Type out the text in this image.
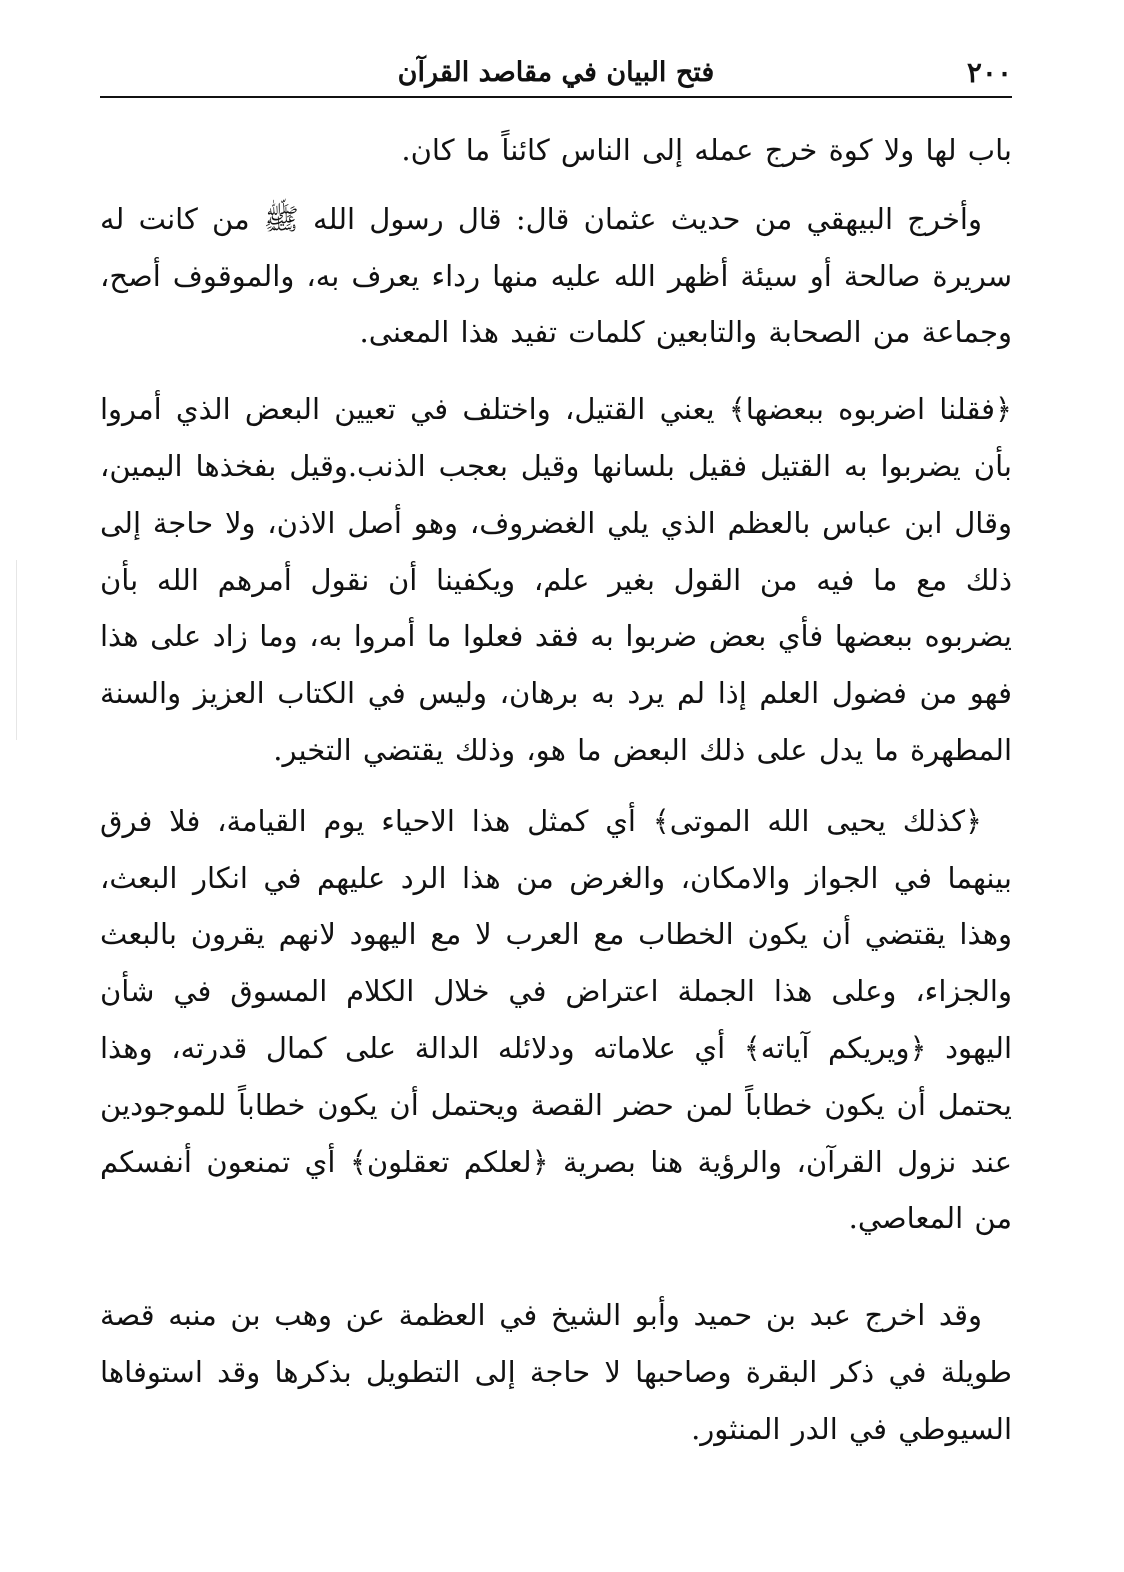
٢٠٠
فتح البيان في مقاصد القرآن

باب لها ولا كوة خرج عمله إلى الناس كائناً ما كان.

وأخرج البيهقي من حديث عثمان قال: قال رسول الله ﷺ من كانت له سريرة صالحة أو سيئة أظهر الله عليه منها رداء يعرف به، والموقوف أصح، وجماعة من الصحابة والتابعين كلمات تفيد هذا المعنى.

﴿فقلنا اضربوه ببعضها﴾ يعني القتيل، واختلف في تعيين البعض الذي أمروا بأن يضربوا به القتيل فقيل بلسانها وقيل بعجب الذنب.وقيل بفخذها اليمين، وقال ابن عباس بالعظم الذي يلي الغضروف، وهو أصل الاذن، ولا حاجة إلى ذلك مع ما فيه من القول بغير علم، ويكفينا أن نقول أمرهم الله بأن يضربوه ببعضها فأي بعض ضربوا به فقد فعلوا ما أمروا به، وما زاد على هذا فهو من فضول العلم إذا لم يرد به برهان، وليس في الكتاب العزيز والسنة المطهرة ما يدل على ذلك البعض ما هو، وذلك يقتضي التخير.

﴿كذلك يحيى الله الموتى﴾ أي كمثل هذا الاحياء يوم القيامة، فلا فرق بينهما في الجواز والامكان، والغرض من هذا الرد عليهم في انكار البعث، وهذا يقتضي أن يكون الخطاب مع العرب لا مع اليهود لانهم يقرون بالبعث والجزاء، وعلى هذا الجملة اعتراض في خلال الكلام المسوق في شأن اليهود ﴿ويريكم آياته﴾ أي علاماته ودلائله الدالة على كمال قدرته، وهذا يحتمل أن يكون خطاباً لمن حضر القصة ويحتمل أن يكون خطاباً للموجودين عند نزول القرآن، والرؤية هنا بصرية ﴿لعلكم تعقلون﴾ أي تمنعون أنفسكم من المعاصي.

وقد اخرج عبد بن حميد وأبو الشيخ في العظمة عن وهب بن منبه قصة طويلة في ذكر البقرة وصاحبها لا حاجة إلى التطويل بذكرها وقد استوفاها السيوطي في الدر المنثور.
